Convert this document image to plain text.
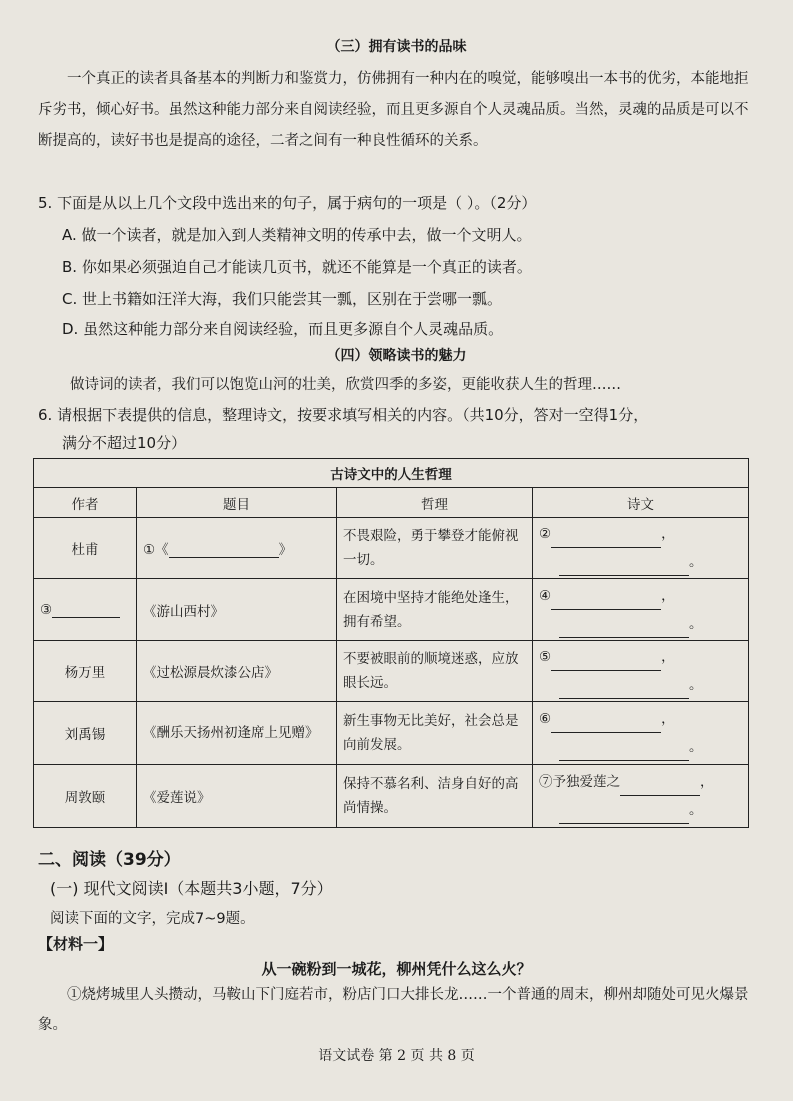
（三）拥有读书的品味
一个真正的读者具备基本的判断力和鉴赏力，仿佛拥有一种内在的嗅觉，能够嗅出一本书的优劣，本能地拒斥劣书，倾心好书。虽然这种能力部分来自阅读经验，而且更多源自个人灵魂品质。当然，灵魂的品质是可以不断提高的，读好书也是提高的途径，二者之间有一种良性循环的关系。
5. 下面是从以上几个文段中选出来的句子，属于病句的一项是（ ）。（2分）
A. 做一个读者，就是加入到人类精神文明的传承中去，做一个文明人。
B. 你如果必须强迫自己才能读几页书，就还不能算是一个真正的读者。
C. 世上书籍如汪洋大海，我们只能尝其一瓢，区别在于尝哪一瓢。
D. 虽然这种能力部分来自阅读经验，而且更多源自个人灵魂品质。
（四）领略读书的魅力
做诗词的读者，我们可以饱览山河的壮美，欣赏四季的多姿，更能收获人生的哲理……
6. 请根据下表提供的信息，整理诗文，按要求填写相关的内容。（共10分，答对一空得1分，
满分不超过10分）
古诗文中的人生哲理			
作者	题目	哲理	诗文
杜甫	①《 》	不畏艰险，勇于攀登才能俯视一切。	② ，
。

③	《游山西村》	在困境中坚持才能绝处逢生，拥有希望。	④ ，
。

杨万里	《过松源晨炊漆公店》	不要被眼前的顺境迷惑，应放眼长远。	⑤ ，
。

刘禹锡	《酬乐天扬州初逢席上见赠》	新生事物无比美好，社会总是向前发展。	⑥ ，
。

周敦颐	《爱莲说》	保持不慕名利、洁身自好的高尚情操。	⑦予独爱莲之 ，
。
二、阅读（39分）
(一) 现代文阅读Ⅰ（本题共3小题，7分）
阅读下面的文字，完成7~9题。
【材料一】
从一碗粉到一城花，柳州凭什么这么火？
①烧烤城里人头攒动，马鞍山下门庭若市，粉店门口大排长龙……一个普通的周末，柳州却随处可见火爆景象。
语文试卷 第 2 页 共 8 页
